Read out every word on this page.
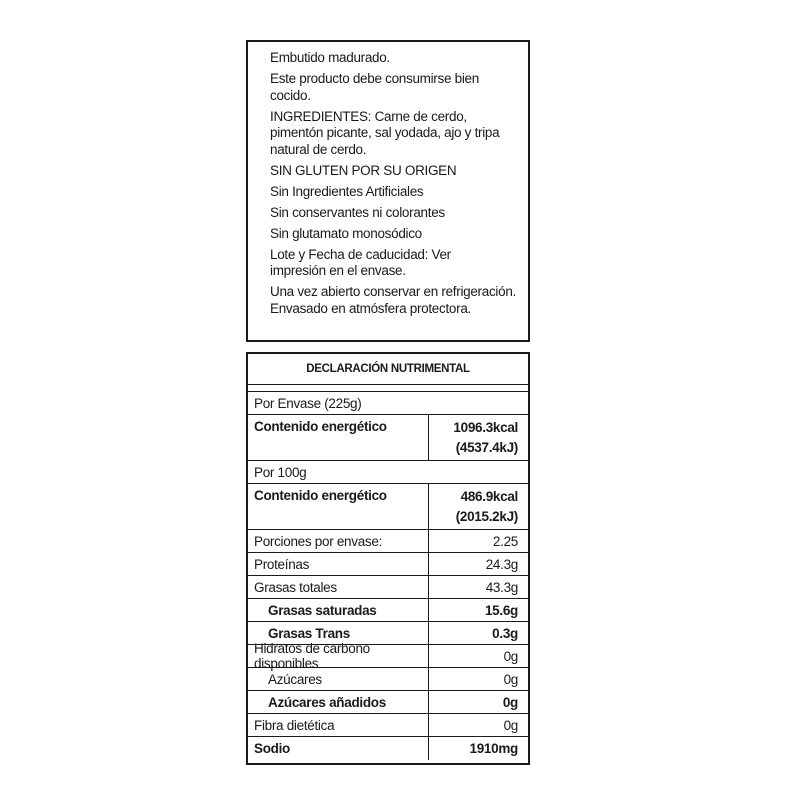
Embutido madurado.

Este producto debe consumirse bien cocido.

INGREDIENTES: Carne de cerdo, pimentón picante, sal yodada, ajo y tripa natural de cerdo.

SIN GLUTEN POR SU ORIGEN

Sin Ingredientes Artificiales

Sin conservantes ni colorantes

Sin glutamato monosódico

Lote y Fecha de caducidad: Ver impresión en el envase.

Una vez abierto conservar en refrigeración.

Envasado en atmósfera protectora.

DECLARACIÓN NUTRIMENTAL
Por Envase (225g)
Contenido energético	1096.3kcal
(4537.4kJ)
Por 100g
Contenido energético	486.9kcal
(2015.2kJ)
Porciones por envase:	2.25
Proteínas	24.3g
Grasas totales	43.3g
Grasas saturadas	15.6g
Grasas Trans	0.3g
Hidratos de carbono disponibles	0g
Azúcares	0g
Azúcares añadidos	0g
Fibra dietética	0g
Sodio	1910mg
